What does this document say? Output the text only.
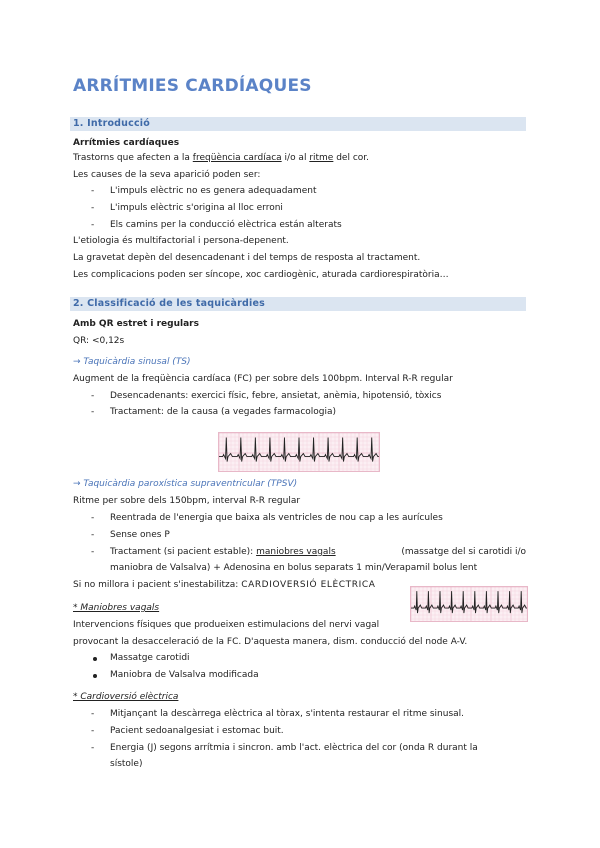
ARRÍTMIES CARDÍAQUES
1. Introducció
Arrítmies cardíaques
Trastorns que afecten a la freqüència cardíaca i/o al ritme del cor.
Les causes de la seva aparició poden ser:
- L'impuls elèctric no es genera adequadament
- L'impuls elèctric s'origina al lloc erroni
- Els camins per la conducció elèctrica están alterats
L'etiologia és multifactorial i persona-depenent.
La gravetat depèn del desencadenant i del temps de resposta al tractament.
Les complicacions poden ser síncope, xoc cardiogènic, aturada cardiorespiratòria…
2. Classificació de les taquicàrdies
Amb QR estret i regulars
QR: <0,12s
→ Taquicàrdia sinusal (TS)
Augment de la freqüència cardíaca (FC) per sobre dels 100bpm. Interval R-R regular
- Desencadenants: exercici físic, febre, ansietat, anèmia, hipotensió, tòxics
- Tractament: de la causa (a vegades farmacologia)
→ Taquicàrdia paroxística supraventricular (TPSV)
Ritme per sobre dels 150bpm, interval R-R regular
- Reentrada de l'energia que baixa als ventricles de nou cap a les aurícules
- Sense ones P
- Tractament (si pacient estable): maniobres vagals	(massatge del si carotidi i/o
maniobra de Valsalva) + Adenosina en bolus separats 1 min/Verapamil bolus lent
Si no millora i pacient s'inestabilitza: CARDIOVERSIÓ ELÈCTRICA
* Maniobres vagals
Intervencions físiques que produeixen estimulacions del nervi vagal
provocant la desacceleració de la FC. D'aquesta manera, dism. conducció del node A-V.
Massatge carotidi
Maniobra de Valsalva modificada
* Cardioversió elèctrica
- Mitjançant la descàrrega elèctrica al tòrax, s'intenta restaurar el ritme sinusal.
- Pacient sedoanalgesiat i estomac buit.
- Energia (J) segons arrítmia i sincron. amb l'act. elèctrica del cor (onda R durant la
sístole)
